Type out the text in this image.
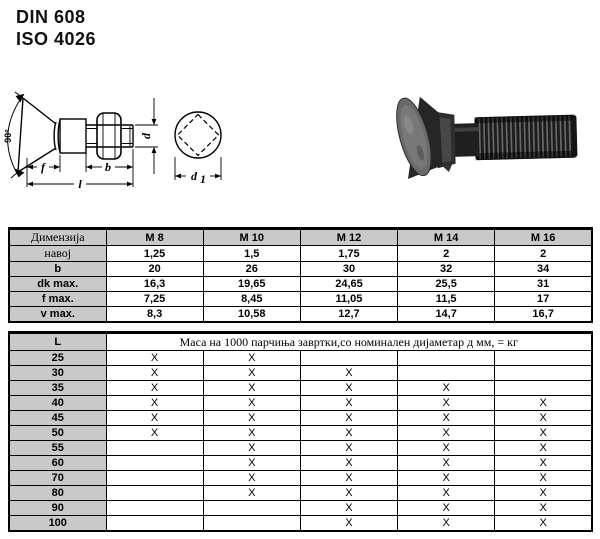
DIN 608
ISO 4026
90°
f	b
l
d
d 1
Димензија	M 8	M 10	M 12	M 14	M 16
навој	1,25	1,5	1,75	2	2
b	20	26	30	32	34
dk max.	16,3	19,65	24,65	25,5	31
f max.	7,25	8,45	11,05	11,5	17
v max.	8,3	10,58	12,7	14,7	16,7
L	Маса на 1000 парчиња завртки,со номинален дијаметар д мм, = кг				
25	X	X			
30	X	X	X		
35	X	X	X	X	
40	X	X	X	X	X
45	X	X	X	X	X
50	X	X	X	X	X
55		X	X	X	X
60		X	X	X	X
70		X	X	X	X
80		X	X	X	X
90			X	X	X
100			X	X	X
